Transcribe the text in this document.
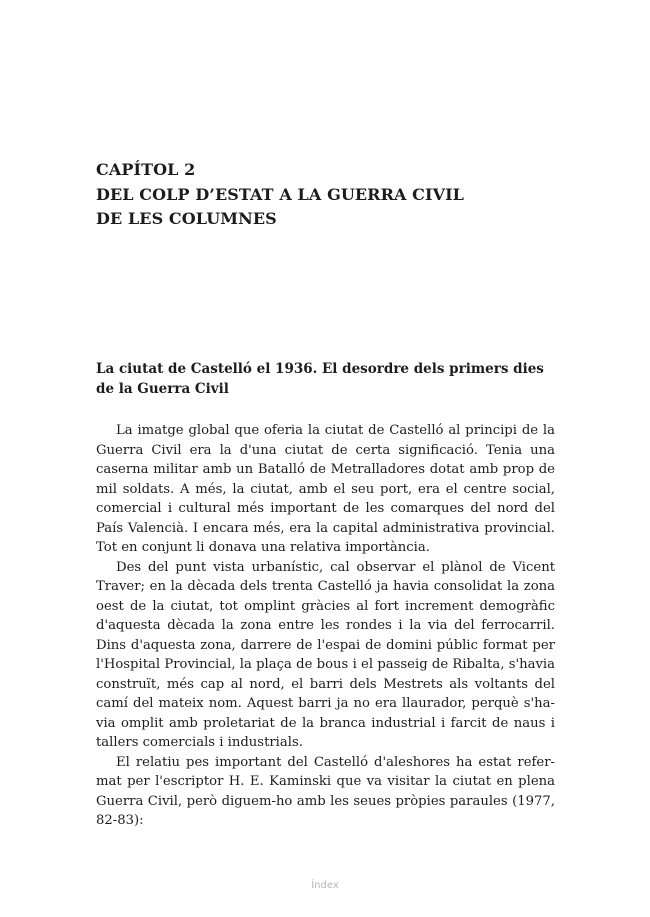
CAPÍTOL 2
DEL COLP D’ESTAT A LA GUERRA CIVIL
DE LES COLUMNES
La ciutat de Castelló el 1936. El desordre dels primers dies
de la Guerra Civil

La imatge global que oferia la ciutat de Castelló al principi de la Guerra Civil era la d'una ciutat de certa significació. Tenia una caserna militar amb un Batalló de Metralladores dotat amb prop de mil soldats. A més, la ciutat, amb el seu port, era el centre social, comercial i cultural més important de les comarques del nord del País Valencià. I encara més, era la capital administrativa provincial. Tot en conjunt li donava una relativa importància.

Des del punt vista urbanístic, cal observar el plànol de Vicent Traver; en la dècada dels trenta Castelló ja havia consolidat la zona oest de la ciutat, tot omplint gràcies al fort increment demogràfic d'aquesta dècada la zona entre les rondes i la via del ferrocarril. Dins d'aquesta zona, darrere de l'espai de domini públic format per l'Hospital Provincial, la plaça de bous i el passeig de Ribalta, s'havia construït, més cap al nord, el barri dels Mestrets als voltants del camí del mateix nom. Aquest barri ja no era llaurador, perquè s'havia omplit amb proletariat de la branca industrial i farcit de naus i tallers comercials i industrials.

El relatiu pes important del Castelló d'aleshores ha estat refermat per l'escriptor H. E. Kaminski que va visitar la ciutat en plena Guerra Civil, però diguem-ho amb les seues pròpies paraules (1977, 82-83):

Índex
